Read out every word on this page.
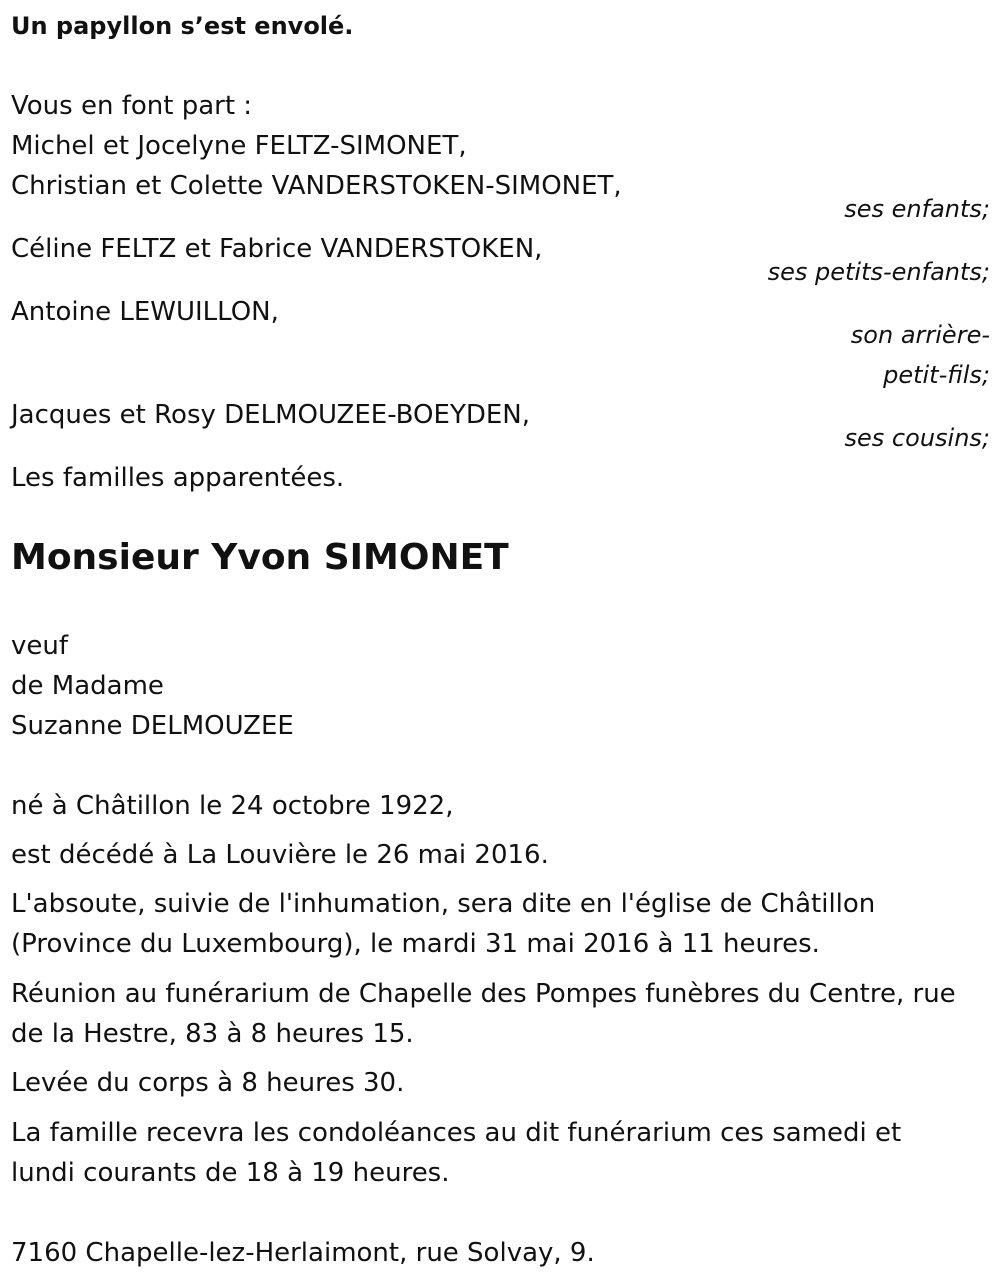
Un papyllon s’est envolé.
Vous en font part :
Michel et Jocelyne FELTZ-SIMONET,
Christian et Colette VANDERSTOKEN-SIMONET,
ses enfants;
Céline FELTZ et Fabrice VANDERSTOKEN,
ses petits-enfants;
Antoine LEWUILLON,
son arrière-
petit-fils;
Jacques et Rosy DELMOUZEE-BOEYDEN,
ses cousins;
Les familles apparentées.
Monsieur Yvon SIMONET
veuf
de Madame
Suzanne DELMOUZEE
né à Châtillon le 24 octobre 1922,
est décédé à La Louvière le 26 mai 2016.
L'absoute, suivie de l'inhumation, sera dite en l'église de Châtillon
(Province du Luxembourg), le mardi 31 mai 2016 à 11 heures.
Réunion au funérarium de Chapelle des Pompes funèbres du Centre, rue
de la Hestre, 83 à 8 heures 15.
Levée du corps à 8 heures 30.
La famille recevra les condoléances au dit funérarium ces samedi et
lundi courants de 18 à 19 heures.
7160 Chapelle-lez-Herlaimont, rue Solvay, 9.
